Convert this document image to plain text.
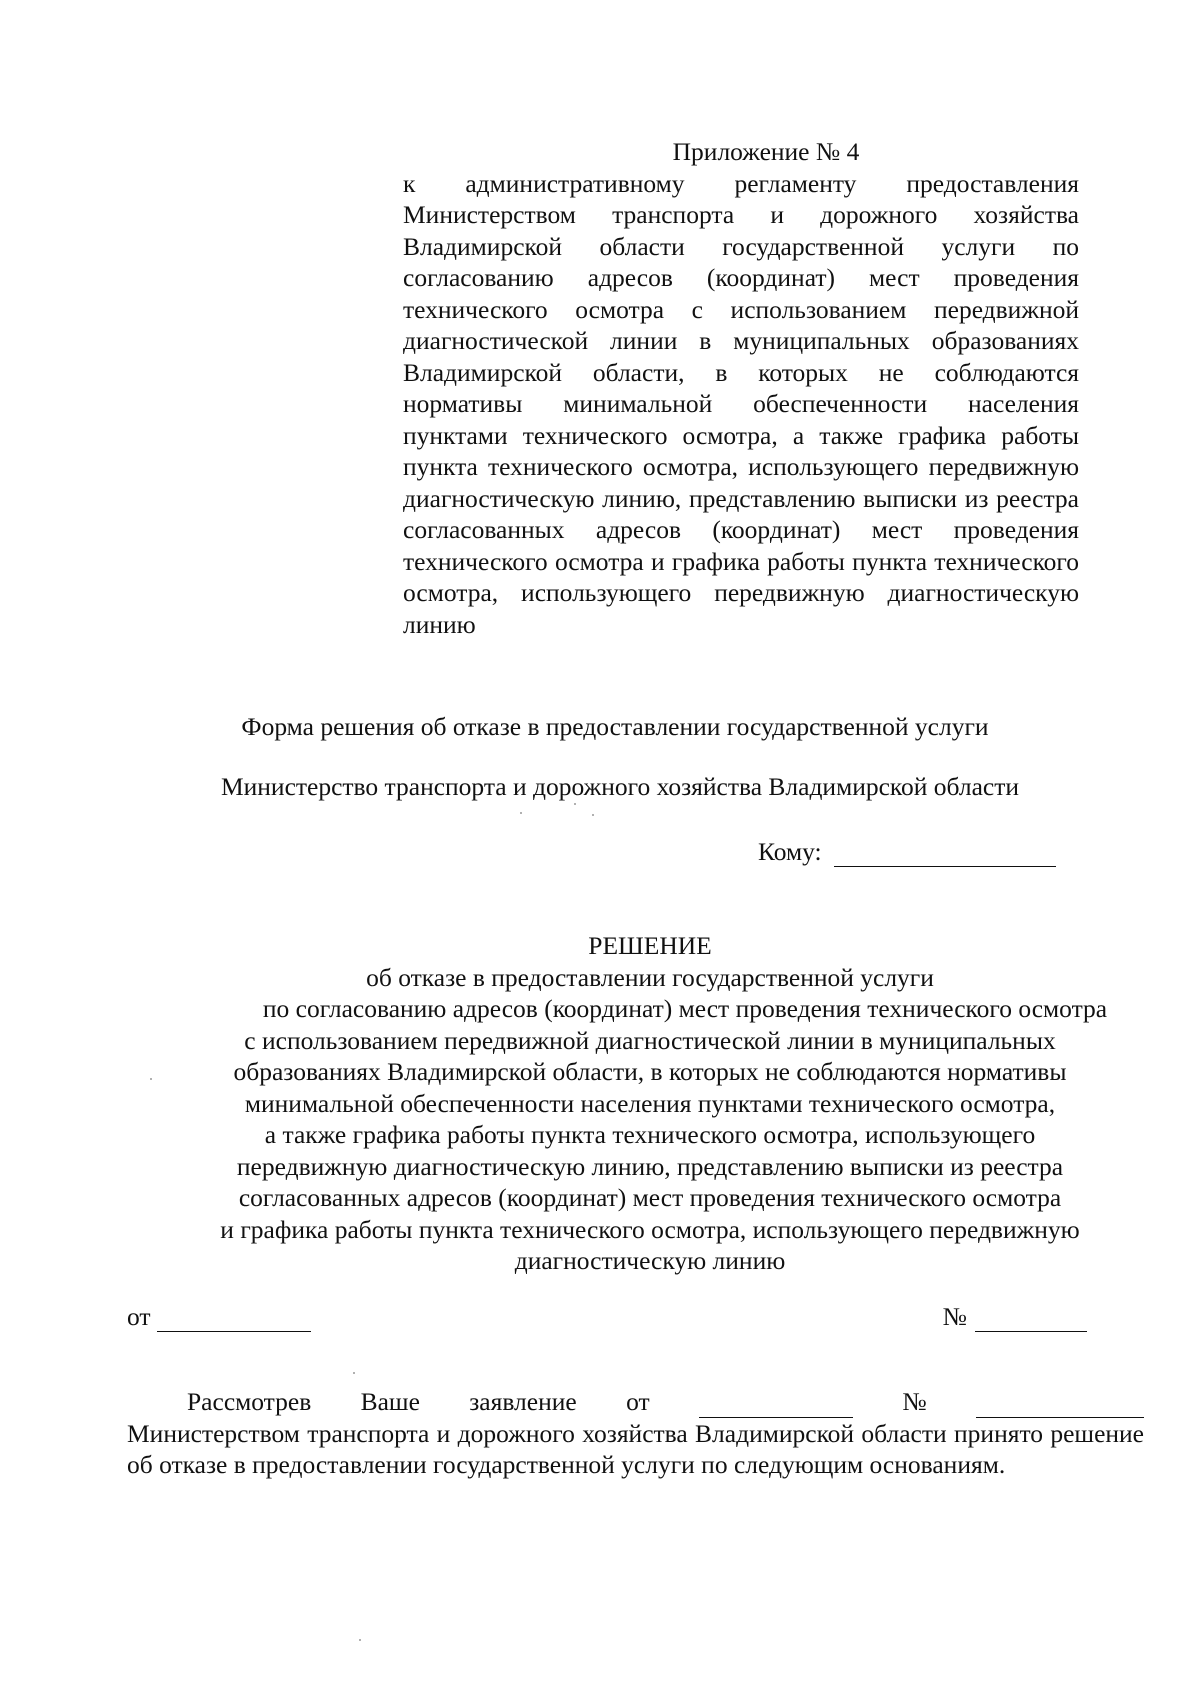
Приложение № 4
к административному регламенту предоставления Министерством транспорта и дорожного хозяйства Владимирской области государственной услуги по согласованию адресов (координат) мест проведения технического осмотра с использованием передвижной диагностической линии в муниципальных образованиях Владимирской области, в которых не соблюдаются нормативы минимальной обеспеченности населения пунктами технического осмотра, а также графика работы пункта технического осмотра, использующего передвижную диагностическую линию, представлению выписки из реестра согласованных адресов (координат) мест проведения технического осмотра и графика работы пункта технического осмотра, использующего передвижную диагностическую линию
Форма решения об отказе в предоставлении государственной услуги
Министерство транспорта и дорожного хозяйства Владимирской области
Кому:
РЕШЕНИЕ
об отказе в предоставлении государственной услуги
по согласованию адресов (координат) мест проведения технического осмотра
с использованием передвижной диагностической линии в муниципальных
образованиях Владимирской области, в которых не соблюдаются нормативы
минимальной обеспеченности населения пунктами технического осмотра,
а также графика работы пункта технического осмотра, использующего
передвижную диагностическую линию, представлению выписки из реестра
согласованных адресов (координат) мест проведения технического осмотра
и графика работы пункта технического осмотра, использующего передвижную
диагностическую линию
от	№
Рассмотрев Ваше заявление от	№
Министерством транспорта и дорожного хозяйства Владимирской области принято решение об отказе в предоставлении государственной услуги по следующим основаниям.
